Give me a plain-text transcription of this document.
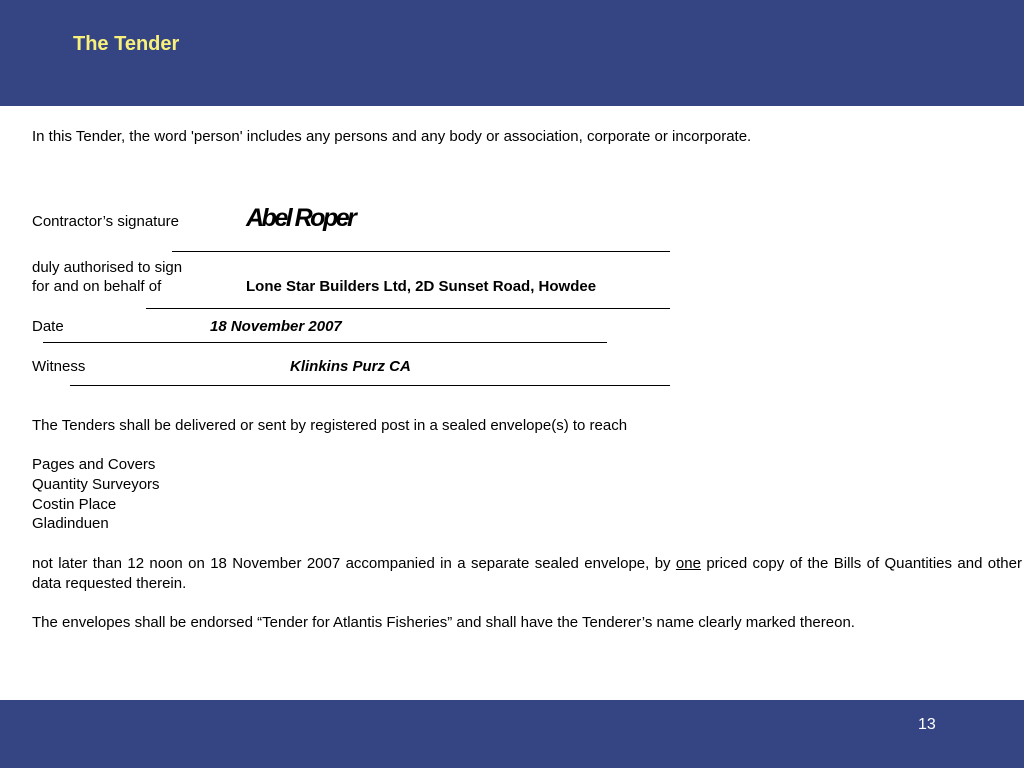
The Tender
In this Tender, the word 'person' includes any persons and any body or association, corporate or incorporate.
Contractor’s signature	Abel Roper
duly authorised to sign
for and on behalf of	Lone Star Builders Ltd, 2D Sunset Road, Howdee
Date	18 November 2007
Witness	Klinkins Purz CA
The Tenders shall be delivered or sent by registered post in a sealed envelope(s) to reach
Pages and Covers
Quantity Surveyors
Costin Place
Gladinduen
not later than 12 noon on 18 November 2007 accompanied in a separate sealed envelope, by one priced copy of the Bills of Quantities and other data requested therein.
The envelopes shall be endorsed “Tender for Atlantis Fisheries” and shall have the Tenderer’s name clearly marked thereon.
13
